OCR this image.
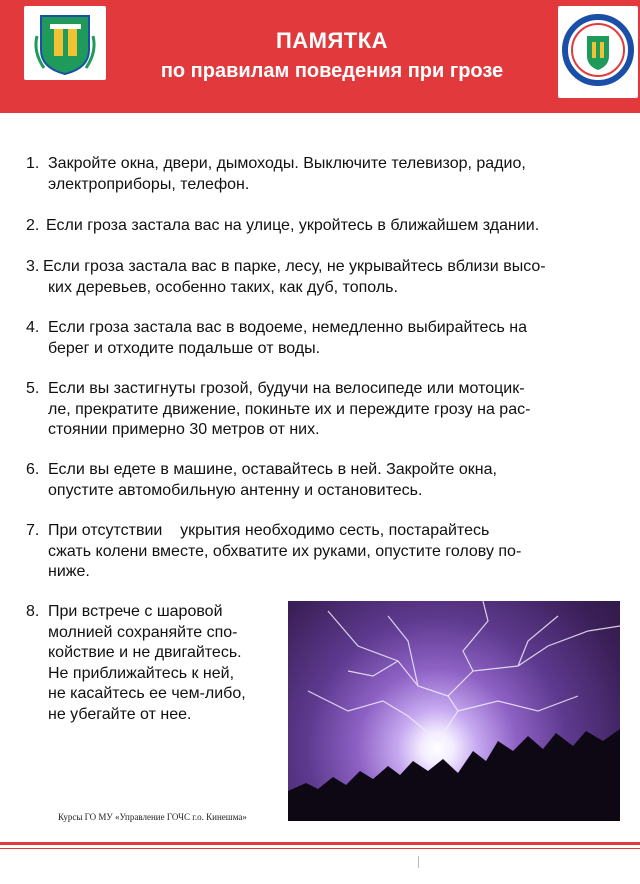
ПАМЯТКА
по правилам поведения при грозе
1. Закройте окна, двери, дымоходы. Выключите телевизор, радио,
электроприборы, телефон.
2. Если гроза застала вас на улице, укройтесь в ближайшем здании.
3. Если гроза застала вас в парке, лесу, не укрывайтесь вблизи высо-
ких деревьев, особенно таких, как дуб, тополь.
4. Если гроза застала вас в водоеме, немедленно выбирайтесь на
берег и отходите подальше от воды.
5. Если вы застигнуты грозой, будучи на велосипеде или мотоцик-
ле, прекратите движение, покиньте их и переждите грозу на рас-
стоянии примерно 30 метров от них.
6. Если вы едете в машине, оставайтесь в ней. Закройте окна,
опустите автомобильную антенну и остановитесь.
7. При отсутствии    укрытия необходимо сесть, постарайтесь
сжать колени вместе, обхватите их руками, опустите голову по-
ниже.
8. При встрече с шаровой
молнией сохраняйте спо-
койствие и не двигайтесь.
Не приближайтесь к ней,
не касайтесь ее чем-либо,
не убегайте от нее.
Курсы ГО МУ «Управление ГОЧС г.о. Кинешма»
